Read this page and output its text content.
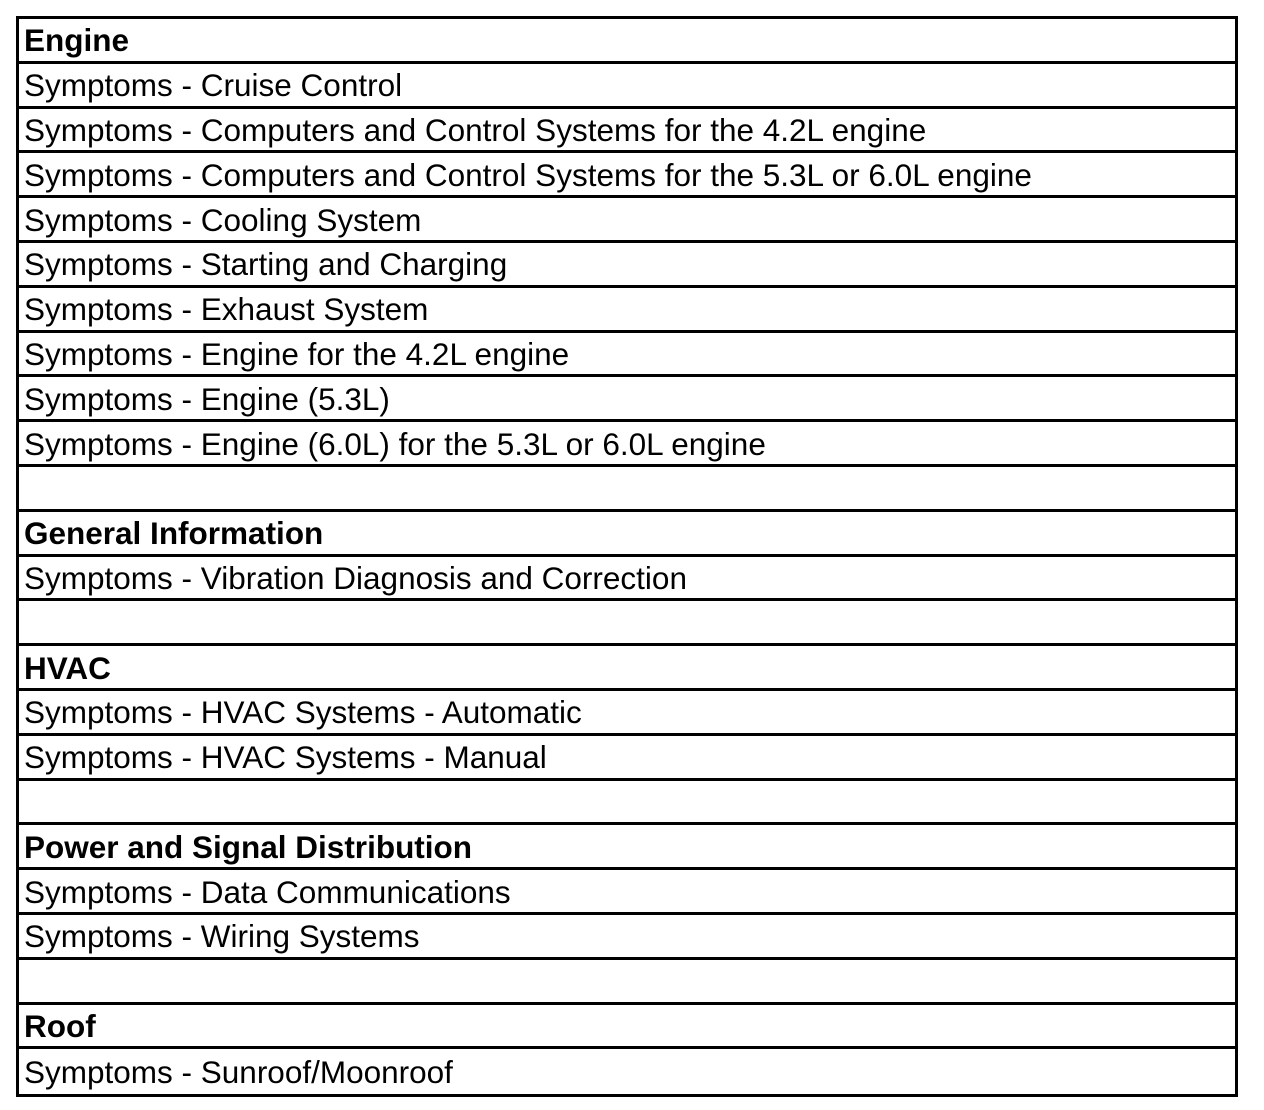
Engine
Symptoms - Cruise Control
Symptoms - Computers and Control Systems for the 4.2L engine
Symptoms - Computers and Control Systems for the 5.3L or 6.0L engine
Symptoms - Cooling System
Symptoms - Starting and Charging
Symptoms - Exhaust System
Symptoms - Engine for the 4.2L engine
Symptoms - Engine (5.3L)
Symptoms - Engine (6.0L) for the 5.3L or 6.0L engine
General Information
Symptoms - Vibration Diagnosis and Correction
HVAC
Symptoms - HVAC Systems - Automatic
Symptoms - HVAC Systems - Manual
Power and Signal Distribution
Symptoms - Data Communications
Symptoms - Wiring Systems
Roof
Symptoms - Sunroof/Moonroof
